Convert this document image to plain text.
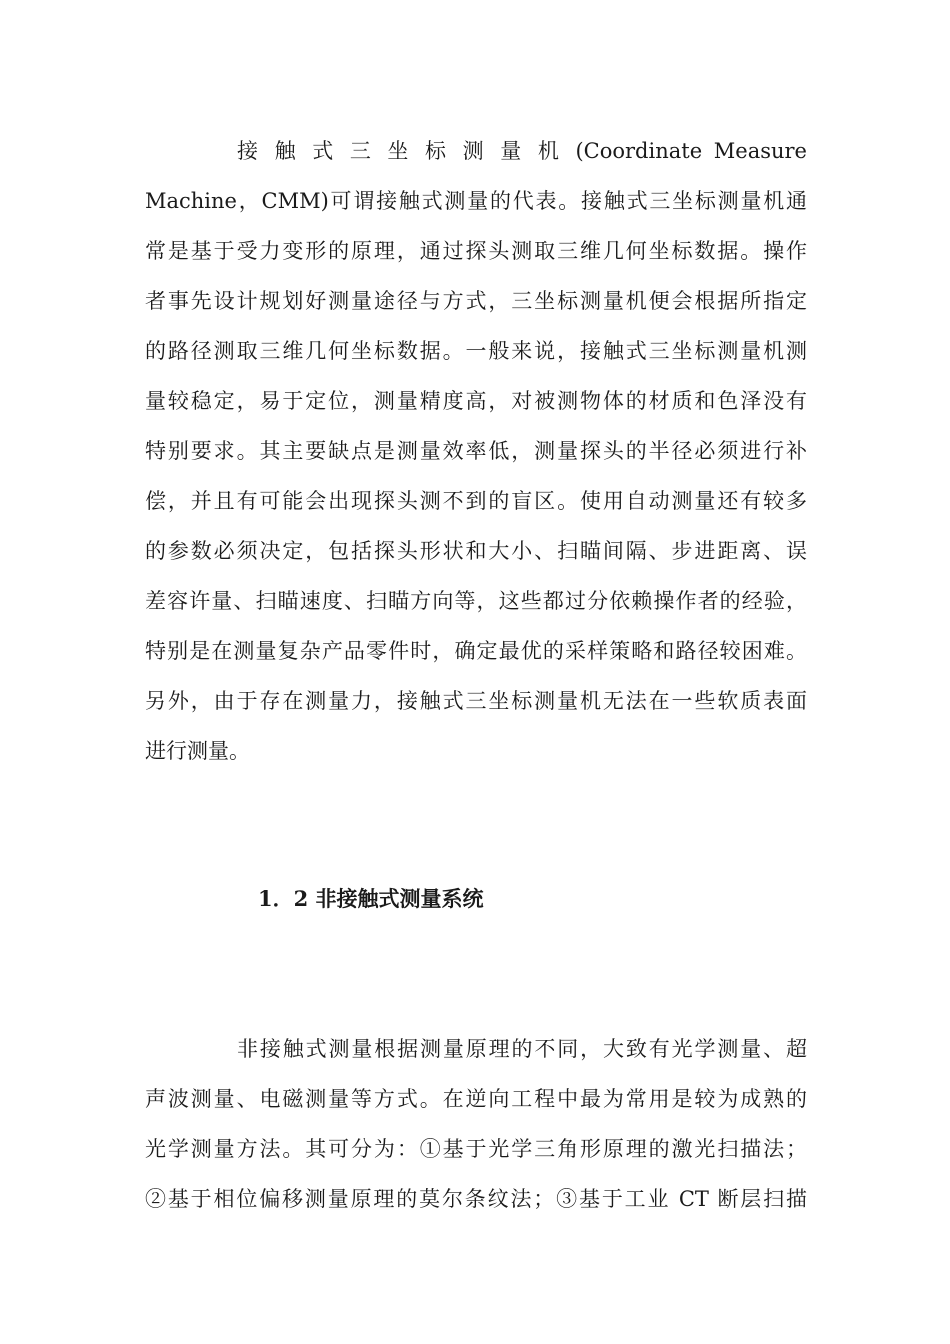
接 触 式 三 坐 标 测 量 机 (Coordinate Measure
Machine，CMM)可谓接触式测量的代表。接触式三坐标测量机通
常是基于受力变形的原理，通过探头测取三维几何坐标数据。操作
者事先设计规划好测量途径与方式，三坐标测量机便会根据所指定
的路径测取三维几何坐标数据。一般来说，接触式三坐标测量机测
量较稳定，易于定位，测量精度高，对被测物体的材质和色泽没有
特别要求。其主要缺点是测量效率低，测量探头的半径必须进行补
偿，并且有可能会出现探头测不到的盲区。使用自动测量还有较多
的参数必须决定，包括探头形状和大小、扫瞄间隔、步进距离、误
差容许量、扫瞄速度、扫瞄方向等，这些都过分依赖操作者的经验，
特别是在测量复杂产品零件时，确定最优的采样策略和路径较困难。
另外，由于存在测量力，接触式三坐标测量机无法在一些软质表面
进行测量。
1．2 非接触式测量系统
非接触式测量根据测量原理的不同，大致有光学测量、超
声波测量、电磁测量等方式。在逆向工程中最为常用是较为成熟的
光学测量方法。其可分为：①基于光学三角形原理的激光扫描法；
②基于相位偏移测量原理的莫尔条纹法；③基于工业 CT 断层扫描
